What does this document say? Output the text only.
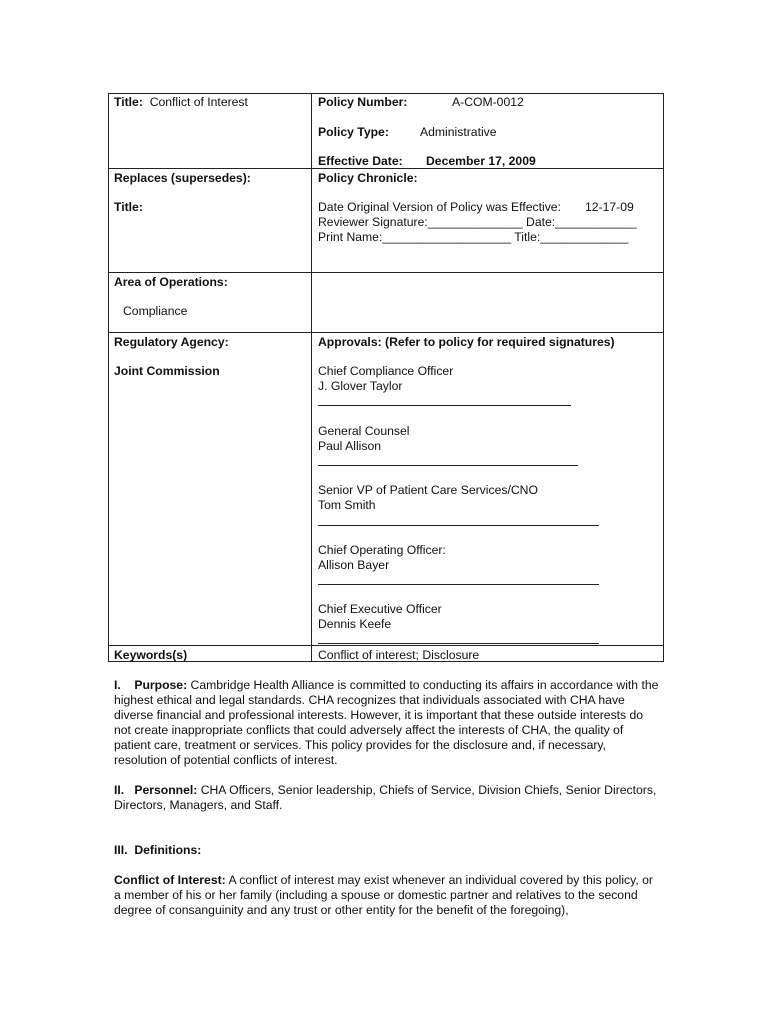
Title: Conflict of Interest
Replaces (supersedes):
Title:
Area of Operations:
Compliance
Regulatory Agency:
Joint Commission
Keywords(s)
Policy Number:	A-COM-0012
Policy Type:	Administrative
Effective Date: December 17, 2009
Policy Chronicle:
Date Original Version of Policy was Effective: 12-17-09
Reviewer Signature:______________ Date:____________
Print Name:___________________ Title:_____________
Approvals: (Refer to policy for required signatures)
Chief Compliance Officer
J. Glover Taylor
General Counsel
Paul Allison
Senior VP of Patient Care Services/CNO
Tom Smith
Chief Operating Officer:
Allison Bayer
Chief Executive Officer
Dennis Keefe
Conflict of interest; Disclosure

I.    Purpose: Cambridge Health Alliance is committed to conducting its affairs in accordance with the highest ethical and legal standards. CHA recognizes that individuals associated with CHA have diverse financial and professional interests. However, it is important that these outside interests do not create inappropriate conflicts that could adversely affect the interests of CHA, the quality of patient care, treatment or services. This policy provides for the disclosure and, if necessary, resolution of potential conflicts of interest.

II.   Personnel: CHA Officers, Senior leadership, Chiefs of Service, Division Chiefs, Senior Directors, Directors, Managers, and Staff.

III.  Definitions:

Conflict of Interest: A conflict of interest may exist whenever an individual covered by this policy, or a member of his or her family (including a spouse or domestic partner and relatives to the second degree of consanguinity and any trust or other entity for the benefit of the foregoing),
